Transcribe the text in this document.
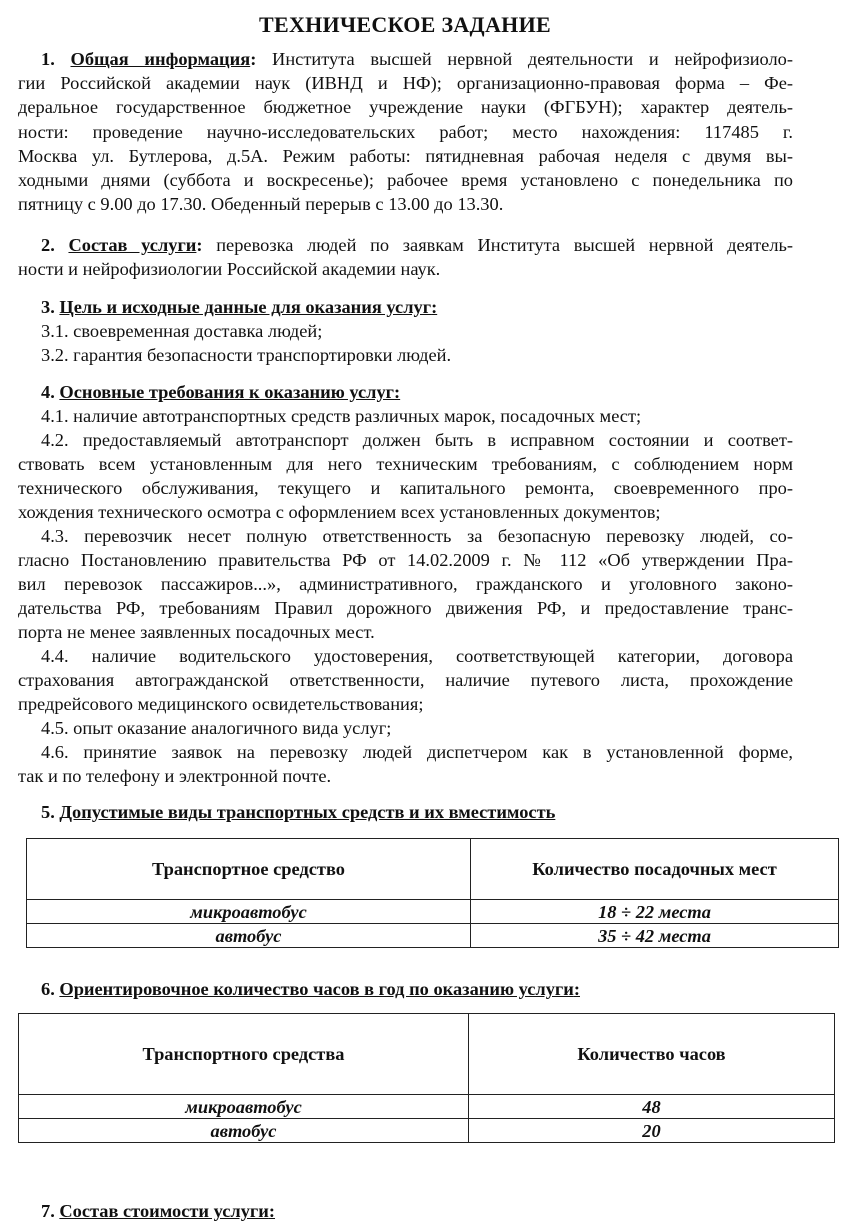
ТЕХНИЧЕСКОЕ ЗАДАНИЕ
1. Общая информация: Института высшей нервной деятельности и нейрофизиоло-
гии Российской академии наук (ИВНД и НФ); организационно-правовая форма – Фе-
деральное государственное бюджетное учреждение науки (ФГБУН); характер деятель-
ности: проведение научно-исследовательских работ; место нахождения: 117485 г.
Москва ул. Бутлерова, д.5А. Режим работы: пятидневная рабочая неделя с двумя вы-
ходными днями (суббота и воскресенье); рабочее время установлено с понедельника по
пятницу с 9.00 до 17.30. Обеденный перерыв с 13.00 до 13.30.
2. Состав услуги: перевозка людей по заявкам Института высшей нервной деятель-
ности и нейрофизиологии Российской академии наук.
3. Цель и исходные данные для оказания услуг:
3.1. своевременная доставка людей;
3.2. гарантия безопасности транспортировки людей.
4. Основные требования к оказанию услуг:
4.1. наличие автотранспортных средств различных марок, посадочных мест;
4.2. предоставляемый автотранспорт должен быть в исправном состоянии и соответ-
ствовать всем установленным для него техническим требованиям, с соблюдением норм
технического обслуживания, текущего и капитального ремонта, своевременного про-
хождения технического осмотра с оформлением всех установленных документов;
4.3. перевозчик несет полную ответственность за безопасную перевозку людей, со-
гласно Постановлению правительства РФ от 14.02.2009 г. № 112 «Об утверждении Пра-
вил перевозок пассажиров...», административного, гражданского и уголовного законо-
дательства РФ, требованиям Правил дорожного движения РФ, и предоставление транс-
порта не менее заявленных посадочных мест.
4.4. наличие водительского удостоверения, соответствующей категории, договора
страхования автогражданской ответственности, наличие путевого листа, прохождение
предрейсового медицинского освидетельствования;
4.5. опыт оказание аналогичного вида услуг;
4.6. принятие заявок на перевозку людей диспетчером как в установленной форме,
так и по телефону и электронной почте.
5. Допустимые виды транспортных средств и их вместимость
Транспортное средство	Количество посадочных мест
микроавтобус	18 ÷ 22 места
автобус	35 ÷ 42 места
6. Ориентировочное количество часов в год по оказанию услуги:
Транспортного средства	Количество часов
микроавтобус	48
автобус	20
7. Состав стоимости услуги:
